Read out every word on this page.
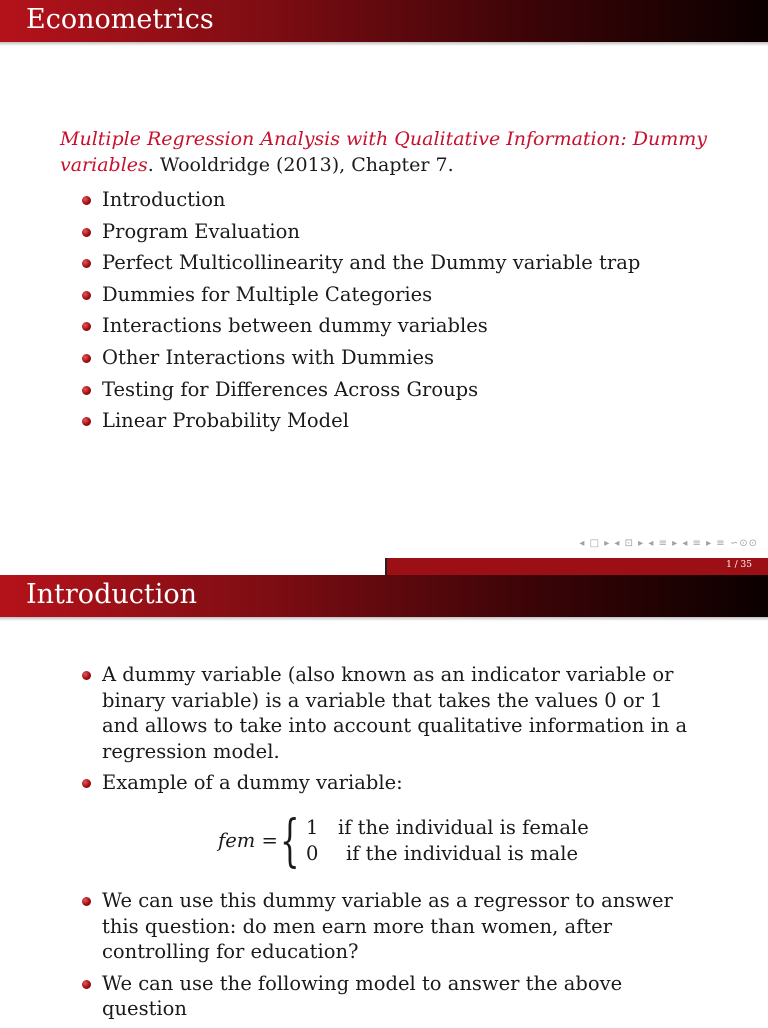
Econometrics
Multiple Regression Analysis with Qualitative Information: Dummy variables. Wooldridge (2013), Chapter 7.
Introduction
Program Evaluation
Perfect Multicollinearity and the Dummy variable trap
Dummies for Multiple Categories
Interactions between dummy variables
Other Interactions with Dummies
Testing for Differences Across Groups
Linear Probability Model
◂ □ ▸ ◂ ⊡ ▸ ◂ ≡ ▸ ◂ ≡ ▸ ≡ ∽⊙⊙
1 / 35
Introduction
A dummy variable (also known as an indicator variable or binary variable) is a variable that takes the values 0 or 1 and allows to take into account qualitative information in a regression model.
Example of a dummy variable:
fem = { 1 if the individual is female
0 if the individual is male
We can use this dummy variable as a regressor to answer this question: do men earn more than women, after controlling for education?
We can use the following model to answer the above question
